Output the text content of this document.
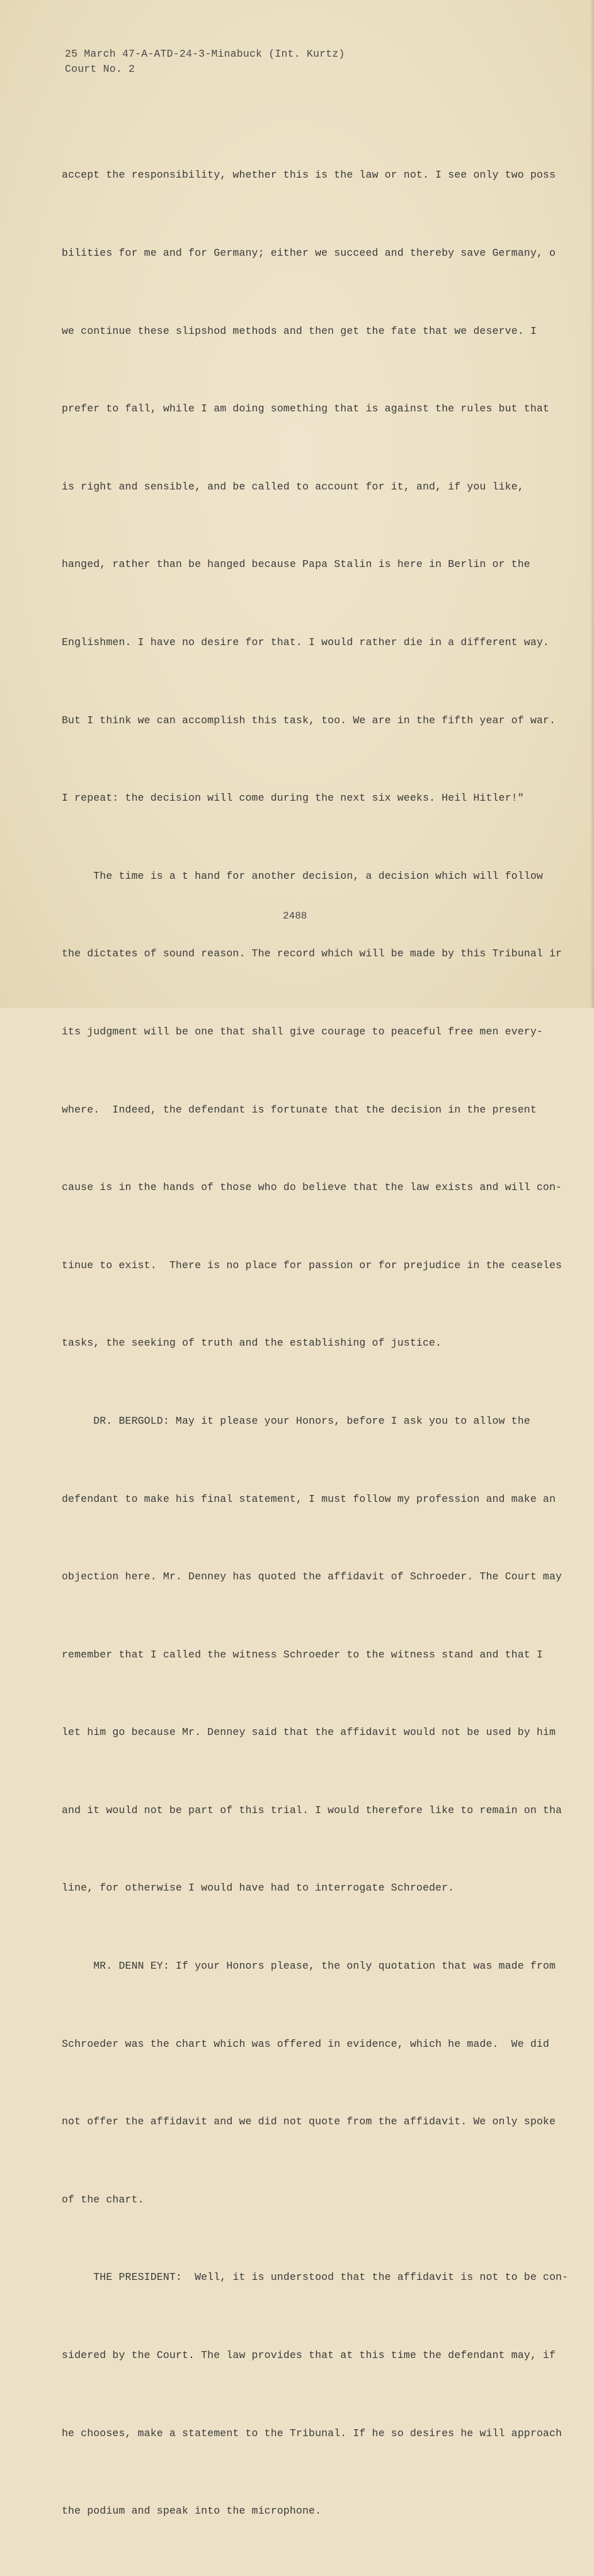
25 March 47-A-ATD-24-3-Minabuck (Int. Kurtz)
Court No. 2

accept the responsibility, whether this is the law or not. I see only two poss

bilities for me and for Germany; either we succeed and thereby save Germany, o

we continue these slipshod methods and then get the fate that we deserve. I

prefer to fall, while I am doing something that is against the rules but that

is right and sensible, and be called to account for it, and, if you like,

hanged, rather than be hanged because Papa Stalin is here in Berlin or the

Englishmen. I have no desire for that. I would rather die in a different way.

But I think we can accomplish this task, too. We are in the fifth year of war.

I repeat: the decision will come during the next six weeks. Heil Hitler!"

The time is a t hand for another decision, a decision which will follow

the dictates of sound reason. The record which will be made by this Tribunal ir

its judgment will be one that shall give courage to peaceful free men every-

where.  Indeed, the defendant is fortunate that the decision in the present

cause is in the hands of those who do believe that the law exists and will con-

tinue to exist.  There is no place for passion or for prejudice in the ceaseles

tasks, the seeking of truth and the establishing of justice.

DR. BERGOLD: May it please your Honors, before I ask you to allow the

defendant to make his final statement, I must follow my profession and make an

objection here. Mr. Denney has quoted the affidavit of Schroeder. The Court may

remember that I called the witness Schroeder to the witness stand and that I

let him go because Mr. Denney said that the affidavit would not be used by him

and it would not be part of this trial. I would therefore like to remain on tha

line, for otherwise I would have had to interrogate Schroeder.

MR. DENN EY: If your Honors please, the only quotation that was made from

Schroeder was the chart which was offered in evidence, which he made.  We did

not offer the affidavit and we did not quote from the affidavit. We only spoke

of the chart.

THE PRESIDENT:  Well, it is understood that the affidavit is not to be con-

sidered by the Court. The law provides that at this time the defendant may, if

he chooses, make a statement to the Tribunal. If he so desires he will approach

the podium and speak into the microphone.

2488
